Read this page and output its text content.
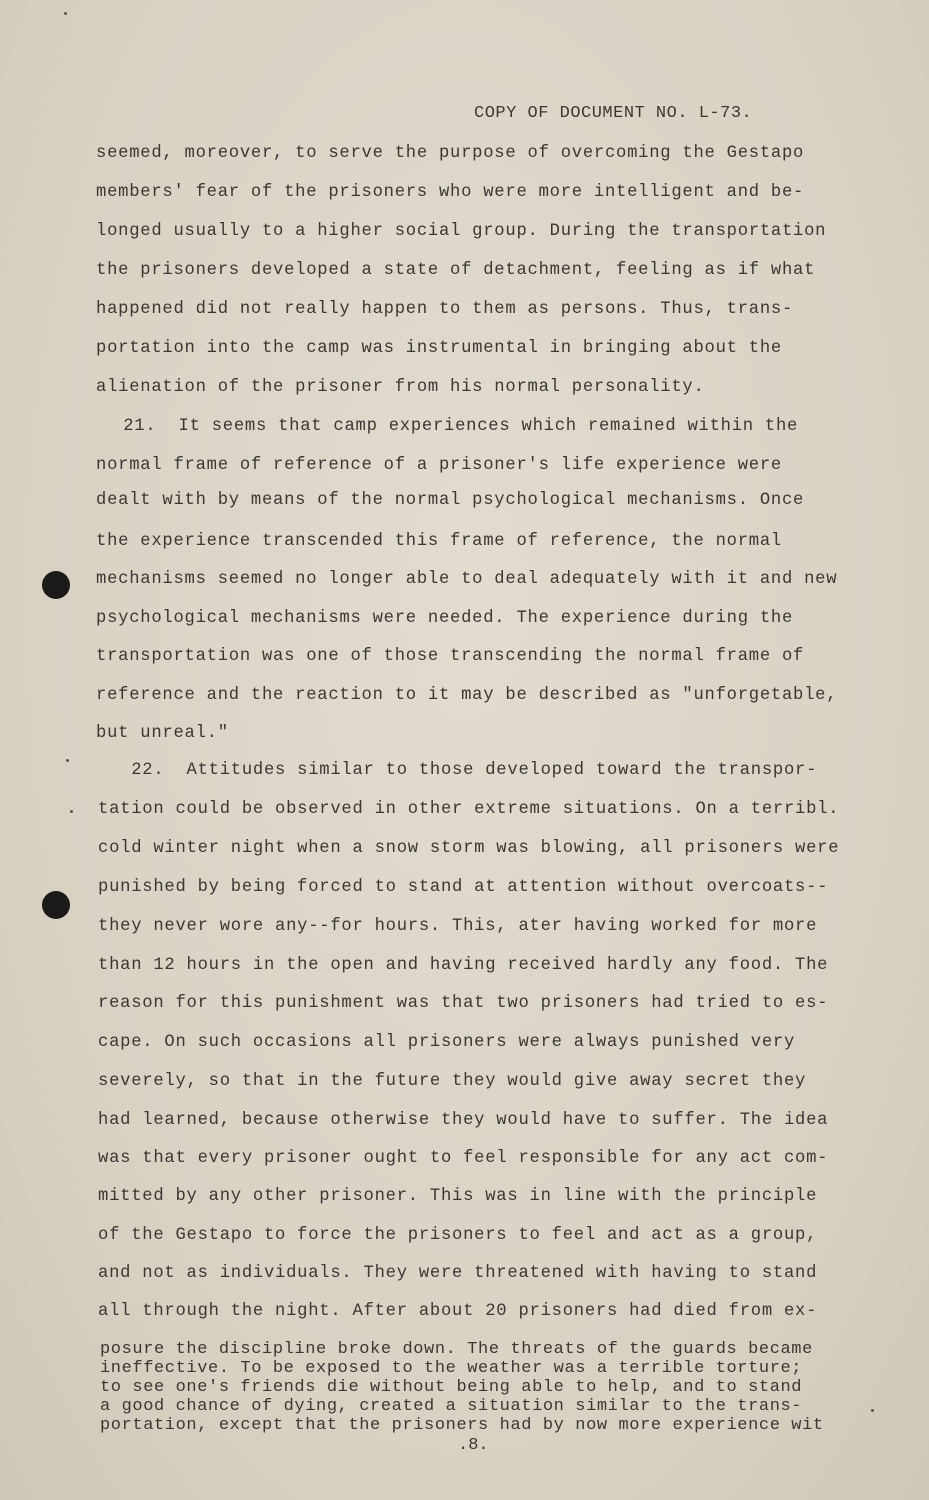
COPY OF DOCUMENT NO. L-73.
seemed, moreover, to serve the purpose of overcoming the Gestapo
members' fear of the prisoners who were more intelligent and be-
longed usually to a higher social group. During the transportation
the prisoners developed a state of detachment, feeling as if what
happened did not really happen to them as persons. Thus, trans-
portation into the camp was instrumental in bringing about the
alienation of the prisoner from his normal personality.
21.  It seems that camp experiences which remained within the
normal frame of reference of a prisoner's life experience were
dealt with by means of the normal psychological mechanisms. Once
the experience transcended this frame of reference, the normal
mechanisms seemed no longer able to deal adequately with it and new
psychological mechanisms were needed. The experience during the
transportation was one of those transcending the normal frame of
reference and the reaction to it may be described as "unforgetable,
but unreal."
22.  Attitudes similar to those developed toward the transpor-
tation could be observed in other extreme situations. On a terribl.
cold winter night when a snow storm was blowing, all prisoners were
punished by being forced to stand at attention without overcoats--
they never wore any--for hours. This, ater having worked for more
than 12 hours in the open and having received hardly any food. The
reason for this punishment was that two prisoners had tried to es-
cape. On such occasions all prisoners were always punished very
severely, so that in the future they would give away secret they
had learned, because otherwise they would have to suffer. The idea
was that every prisoner ought to feel responsible for any act com-
mitted by any other prisoner. This was in line with the principle
of the Gestapo to force the prisoners to feel and act as a group,
and not as individuals. They were threatened with having to stand
all through the night. After about 20 prisoners had died from ex-
posure the discipline broke down. The threats of the guards became
ineffective. To be exposed to the weather was a terrible torture;
to see one's friends die without being able to help, and to stand
a good chance of dying, created a situation similar to the trans-
portation, except that the prisoners had by now more experience wit
.8.
